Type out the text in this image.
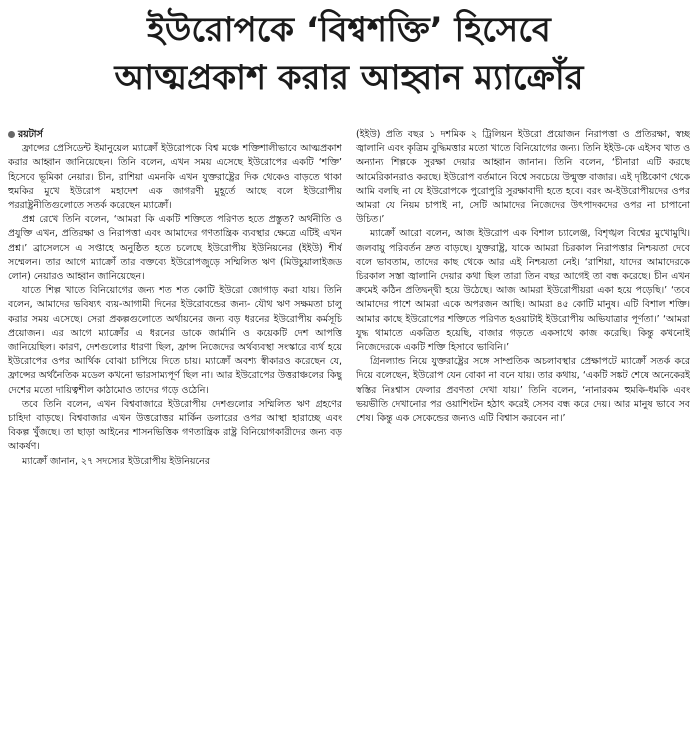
ইউরোপকে ‘বিশ্বশক্তি’ হিসেবে
আত্মপ্রকাশ করার আহ্বান ম্যাক্রোঁর

রয়টার্স

ফ্রান্সের প্রেসিডেন্ট ইমানুয়েল ম্যাক্রোঁ ইউরোপকে বিশ্ব মঞ্চে শক্তিশালীভাবে আত্মপ্রকাশ করার আহ্বান জানিয়েছেন। তিনি বলেন, এখন সময় এসেছে ইউরোপের একটি ‘শক্তি’ হিসেবে ভূমিকা নেয়ার। চীন, রাশিয়া এমনকি এখন যুক্তরাষ্ট্রের দিক থেকেও বাড়তে থাকা হুমকির মুখে ইউরোপ মহাদেশ এক জাগরণী মুহূর্তে আছে বলে ইউরোপীয় পররাষ্ট্রনীতিগুলোতে সতর্ক করেছেন ম্যাক্রোঁ।

প্রশ্ন রেখে তিনি বলেন, ‘আমরা কি একটি শক্তিতে পরিণত হতে প্রস্তুত? অর্থনীতি ও প্রযুক্তি এখন, প্রতিরক্ষা ও নিরাপত্তা এবং আমাদের গণতান্ত্রিক ব্যবস্থার ক্ষেত্রে এটিই এখন প্রশ্ন।’ ব্রাসেলসে এ সপ্তাহে অনুষ্ঠিত হতে চলেছে ইউরোপীয় ইউনিয়নের (ইইউ) শীর্ষ সম্মেলন। তার আগে ম্যাক্রোঁ তার বক্তব্যে ইউরোপজুড়ে সম্মিলিত ঋণ (মিউচুয়ালাইজড লোন) নেয়ারও আহ্বান জানিয়েছেন।

যাতে শিল্প খাতে বিনিয়োগের জন্য শত শত কোটি ইউরো জোগাড় করা যায়। তিনি বলেন, আমাদের ভবিষ্যৎ ব্যয়-আগামী দিনের ইউরোবন্ডের জন্য- যৌথ ঋণ সক্ষমতা চালু করার সময় এসেছে। সেরা প্রকল্পগুলোতে অর্থায়নের জন্য বড় ধরনের ইউরোপীয় কর্মসূচি প্রয়োজন। এর আগে ম্যাক্রোঁর এ ধরনের ডাকে জার্মানি ও কয়েকটি দেশ আপত্তি জানিয়েছিল। কারণ, দেশগুলোর ধারণা ছিল, ফ্রান্স নিজেদের অর্থব্যবস্থা সংস্কারে ব্যর্থ হয়ে ইউরোপের ওপর আর্থিক বোঝা চাপিয়ে দিতে চায়। ম্যাক্রোঁ অবশ্য স্বীকারও করেছেন যে, ফ্রান্সের অর্থনৈতিক মডেল কখনো ভারসাম্যপূর্ণ ছিল না। আর ইউরোপের উত্তরাঞ্চলের কিছু দেশের মতো দায়িত্বশীল কাঠামোও তাদের গড়ে ওঠেনি।

তবে তিনি বলেন, এখন বিশ্ববাজারে ইউরোপীয় দেশগুলোর সম্মিলিত ঋণ গ্রহণের চাহিদা বাড়ছে। বিশ্ববাজার এখন উত্তরোত্তর মার্কিন ডলারের ওপর আস্থা হারাচ্ছে এবং বিকল্প খুঁজছে। তা ছাড়া আইনের শাসনভিত্তিক গণতান্ত্রিক রাষ্ট্র বিনিয়োগকারীদের জন্য বড় আকর্ষণ।

ম্যাক্রোঁ জানান, ২৭ সদস্যের ইউরোপীয় ইউনিয়নের

(ইইউ) প্রতি বছর ১ দশমিক ২ ট্রিলিয়ন ইউরো প্রয়োজন নিরাপত্তা ও প্রতিরক্ষা, স্বচ্ছ জ্বালানি এবং কৃত্রিম বুদ্ধিমত্তার মতো খাতে বিনিয়োগের জন্য। তিনি ইইউ-কে এইসব খাত ও অন্যান্য শিল্পকে সুরক্ষা দেয়ার আহ্বান জানান। তিনি বলেন, ‘চীনারা এটি করছে আমেরিকানরাও করছে। ইউরোপ বর্তমানে বিশ্বে সবচেয়ে উন্মুক্ত বাজার। এই দৃষ্টিকোণ থেকে আমি বলছি না যে ইউরোপকে পুরোপুরি সুরক্ষাবাদী হতে হবে। বরং অ-ইউরোপীয়দের ওপর আমরা যে নিয়ম চাপাই না, সেটি আমাদের নিজেদের উৎপাদকদের ওপর না চাপানো উচিত।’

ম্যাক্রোঁ আরো বলেন, আজ ইউরোপ এক বিশাল চ্যালেঞ্জ, বিশৃঙ্খল বিশ্বের মুখোমুখি। জলবায়ু পরিবর্তন দ্রুত বাড়ছে। যুক্তরাষ্ট্র, যাকে আমরা চিরকাল নিরাপত্তার নিশ্চয়তা দেবে বলে ভাবতাম, তাদের কাছ থেকে আর এই নিশ্চয়তা নেই। ‘রাশিয়া, যাদের আমাদেরকে চিরকাল সস্তা জ্বালানি দেয়ার কথা ছিল তারা তিন বছর আগেই তা বন্ধ করেছে। চীন এখন ক্রমেই কঠিন প্রতিদ্বন্দ্বী হয়ে উঠেছে। আজ আমরা ইউরোপীয়রা একা হয়ে পড়েছি।’ ‘তবে আমাদের পাশে আমরা একে অপরজন আছি। আমরা ৪৫ কোটি মানুষ। এটি বিশাল শক্তি। আমার কাছে ইউরোপের শক্তিতে পরিণত হওয়াটাই ইউরোপীয় অভিযাত্রার পূর্ণতা।’ ‘আমরা যুদ্ধ থামাতে একত্রিত হয়েছি, বাজার গড়তে একসাথে কাজ করেছি। কিন্তু কখনোই নিজেদেরকে একটি শক্তি হিসাবে ভাবিনি।’

গ্রিনল্যান্ড নিয়ে যুক্তরাষ্ট্রের সঙ্গে সাম্প্রতিক অচলাবস্থার প্রেক্ষাপটে ম্যাক্রোঁ সতর্ক করে দিয়ে বলেছেন, ইউরোপ যেন বোকা না বনে যায়। তার কথায়, ‘একটি সঙ্কট শেষে অনেকেরই স্বস্তির নিঃশ্বাস ফেলার প্রবণতা দেখা যায়।’ তিনি বলেন, ‘নানারকম হুমকি-ধমকি এবং ভয়ভীতি দেখানোর পর ওয়াশিংটন হঠাৎ করেই সেসব বন্ধ করে দেয়। আর মানুষ ভাবে সব শেষ। কিন্তু এক সেকেন্ডের জন্যও এটি বিশ্বাস করবেন না।’
